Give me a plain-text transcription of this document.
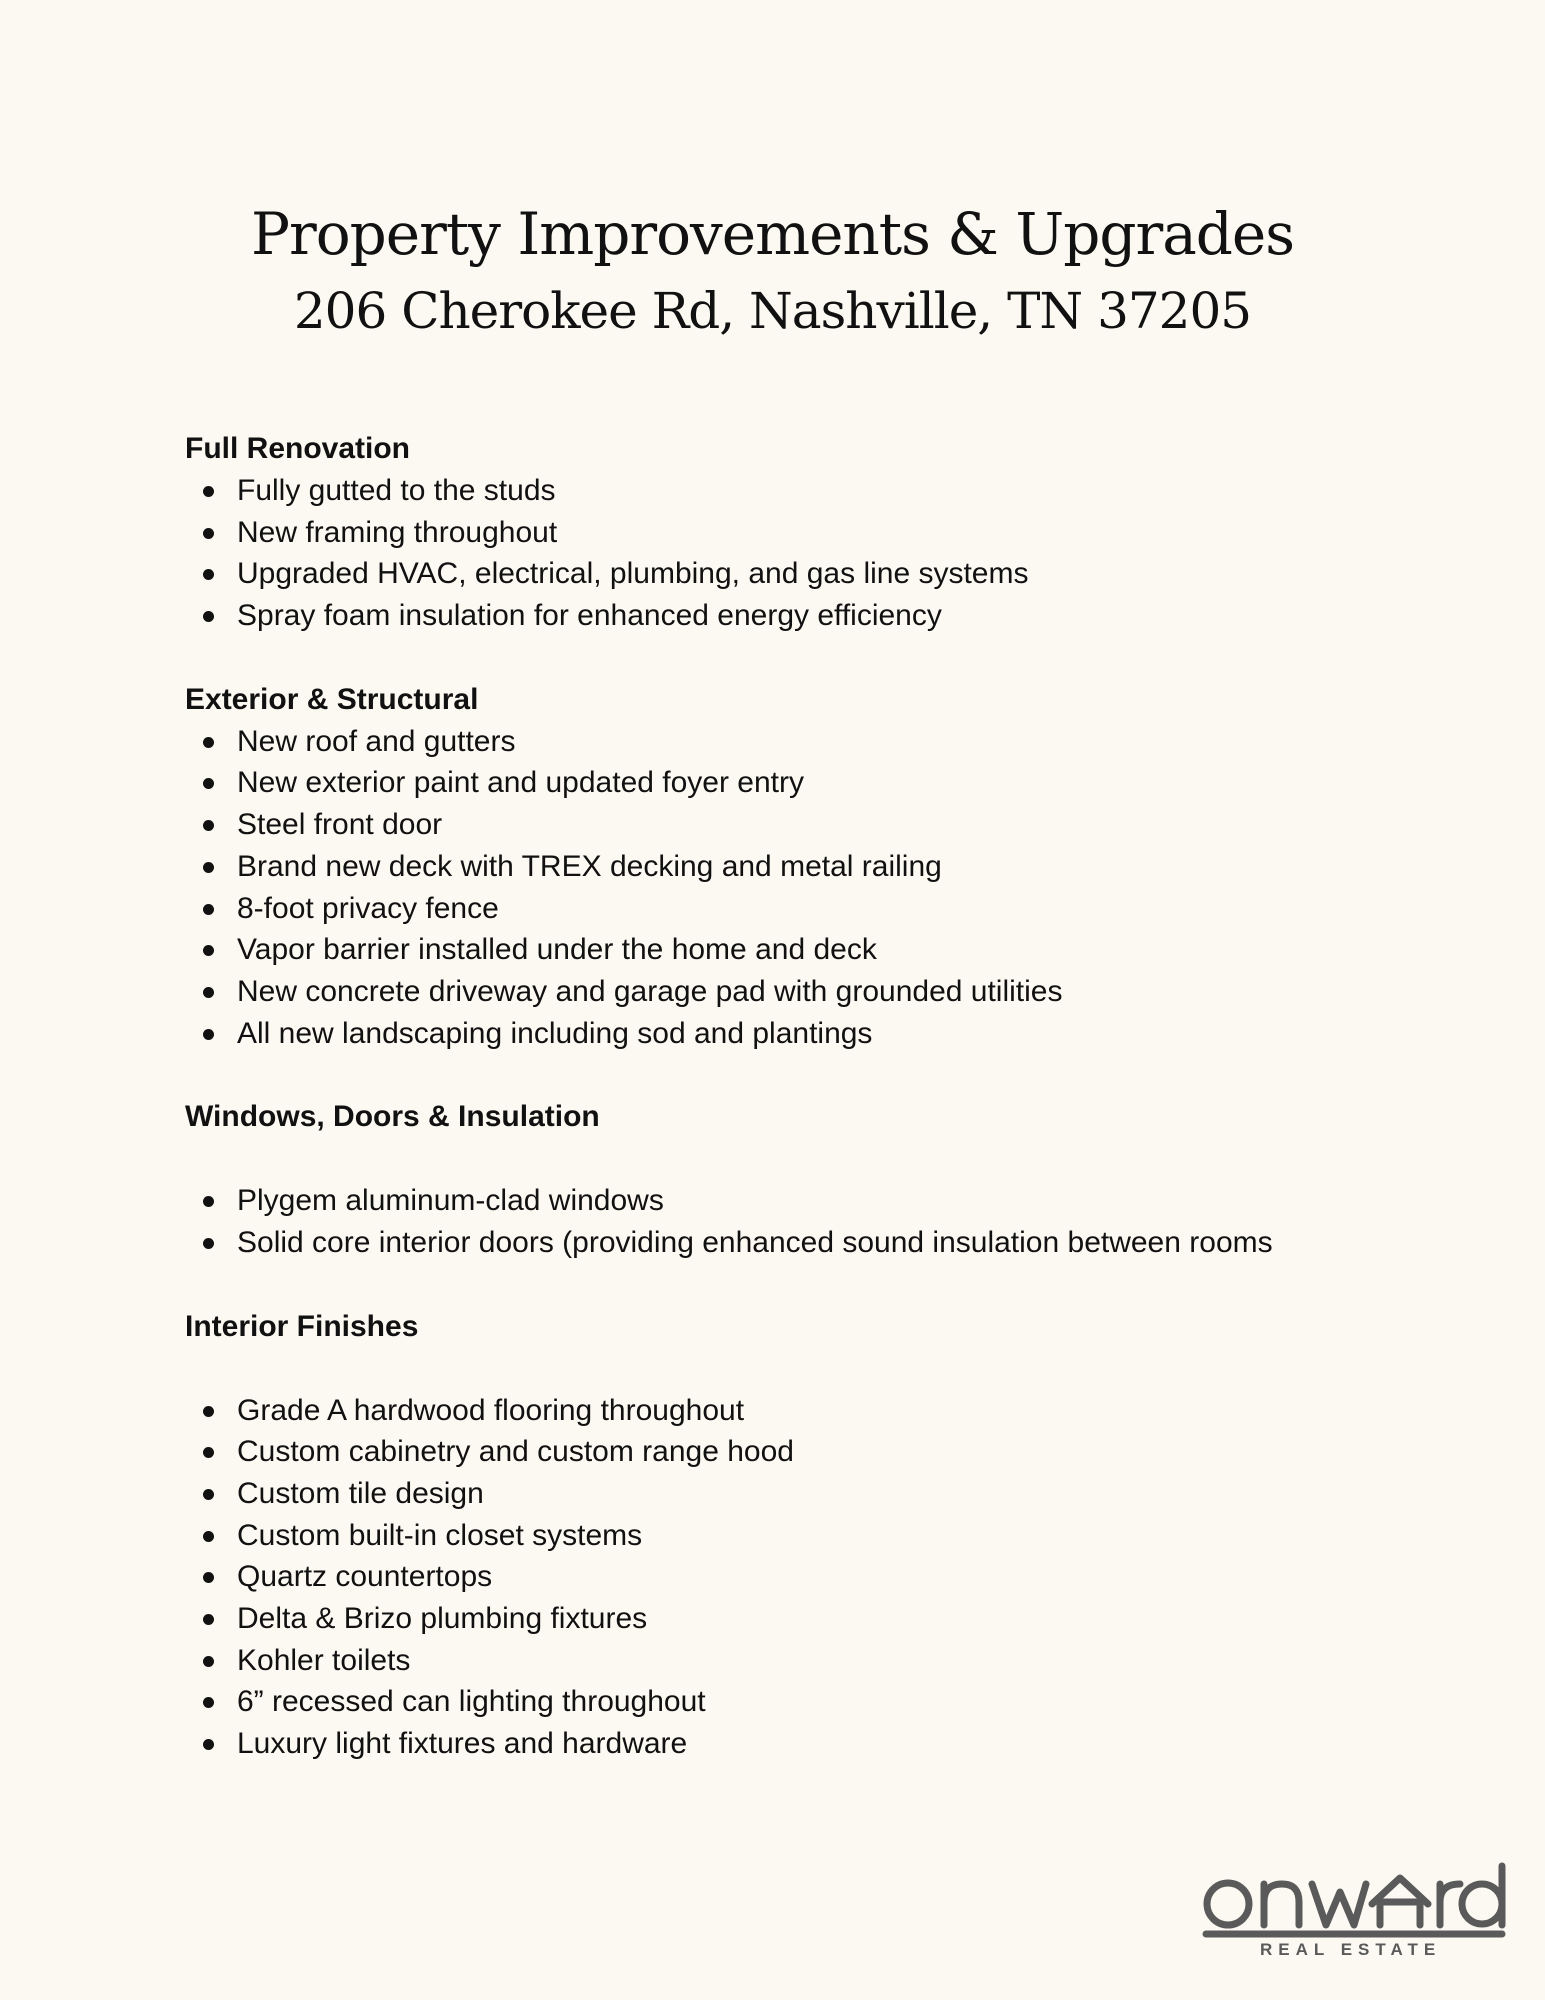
Property Improvements & Upgrades
206 Cherokee Rd, Nashville, TN 37205
Full Renovation
Fully gutted to the studs
New framing throughout
Upgraded HVAC, electrical, plumbing, and gas line systems
Spray foam insulation for enhanced energy efficiency
Exterior & Structural
New roof and gutters
New exterior paint and updated foyer entry
Steel front door
Brand new deck with TREX decking and metal railing
8-foot privacy fence
Vapor barrier installed under the home and deck
New concrete driveway and garage pad with grounded utilities
All new landscaping including sod and plantings
Windows, Doors & Insulation
Plygem aluminum-clad windows
Solid core interior doors (providing enhanced sound insulation between rooms
Interior Finishes
Grade A hardwood flooring throughout
Custom cabinetry and custom range hood
Custom tile design
Custom built-in closet systems
Quartz countertops
Delta & Brizo plumbing fixtures
Kohler toilets
6” recessed can lighting throughout
Luxury light fixtures and hardware
REAL ESTATE
